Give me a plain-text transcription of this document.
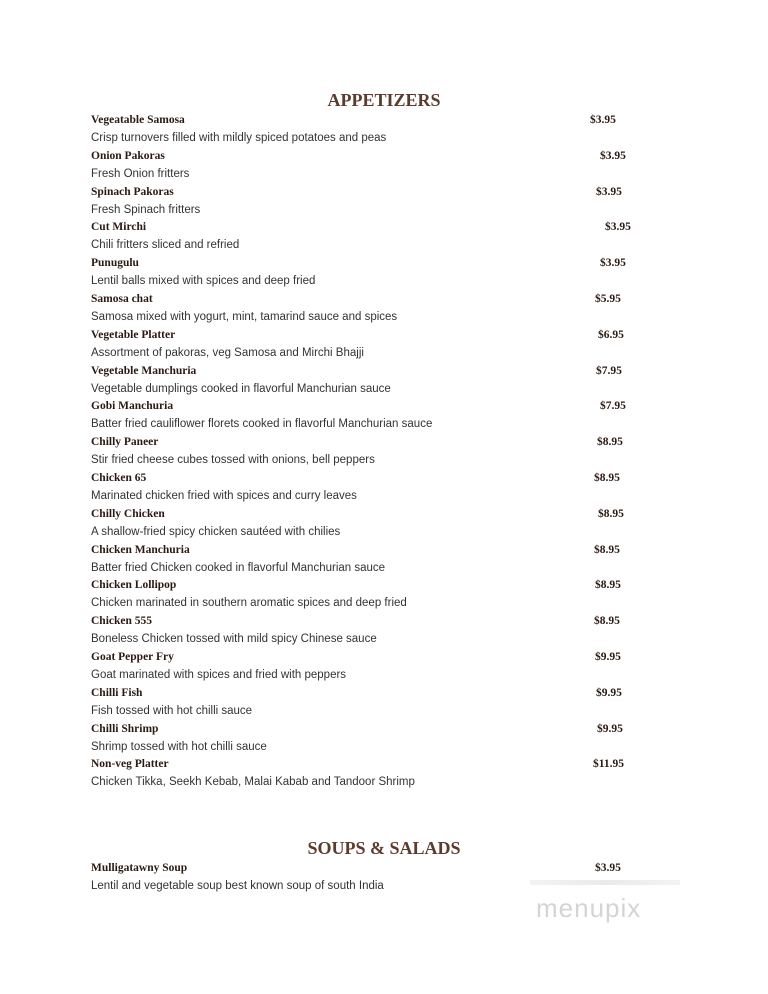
APPETIZERS
Vegeatable Samosa	$3.95
Crisp turnovers filled with mildly spiced potatoes and peas
Onion Pakoras	$3.95
Fresh Onion fritters
Spinach Pakoras	$3.95
Fresh Spinach fritters
Cut Mirchi	$3.95
Chili fritters sliced and refried
Punugulu	$3.95
Lentil balls mixed with spices and deep fried
Samosa chat	$5.95
Samosa mixed with yogurt, mint, tamarind sauce and spices
Vegetable Platter	$6.95
Assortment of pakoras, veg Samosa and Mirchi Bhajji
Vegetable Manchuria	$7.95
Vegetable dumplings cooked in flavorful Manchurian sauce
Gobi Manchuria	$7.95
Batter fried cauliflower florets cooked in flavorful Manchurian sauce
Chilly Paneer	$8.95
Stir fried cheese cubes tossed with onions, bell peppers
Chicken 65	$8.95
Marinated chicken fried with spices and curry leaves
Chilly Chicken	$8.95
A shallow-fried spicy chicken sautéed with chilies
Chicken Manchuria	$8.95
Batter fried Chicken cooked in flavorful Manchurian sauce
Chicken Lollipop	$8.95
Chicken marinated in southern aromatic spices and deep fried
Chicken 555	$8.95
Boneless Chicken tossed with mild spicy Chinese sauce
Goat Pepper Fry	$9.95
Goat marinated with spices and fried with peppers
Chilli Fish	$9.95
Fish tossed with hot chilli sauce
Chilli Shrimp	$9.95
Shrimp tossed with hot chilli sauce
Non-veg Platter	$11.95
Chicken Tikka, Seekh Kebab, Malai Kabab and Tandoor Shrimp
SOUPS & SALADS
Mulligatawny Soup	$3.95
Lentil and vegetable soup best known soup of south India
menupix
